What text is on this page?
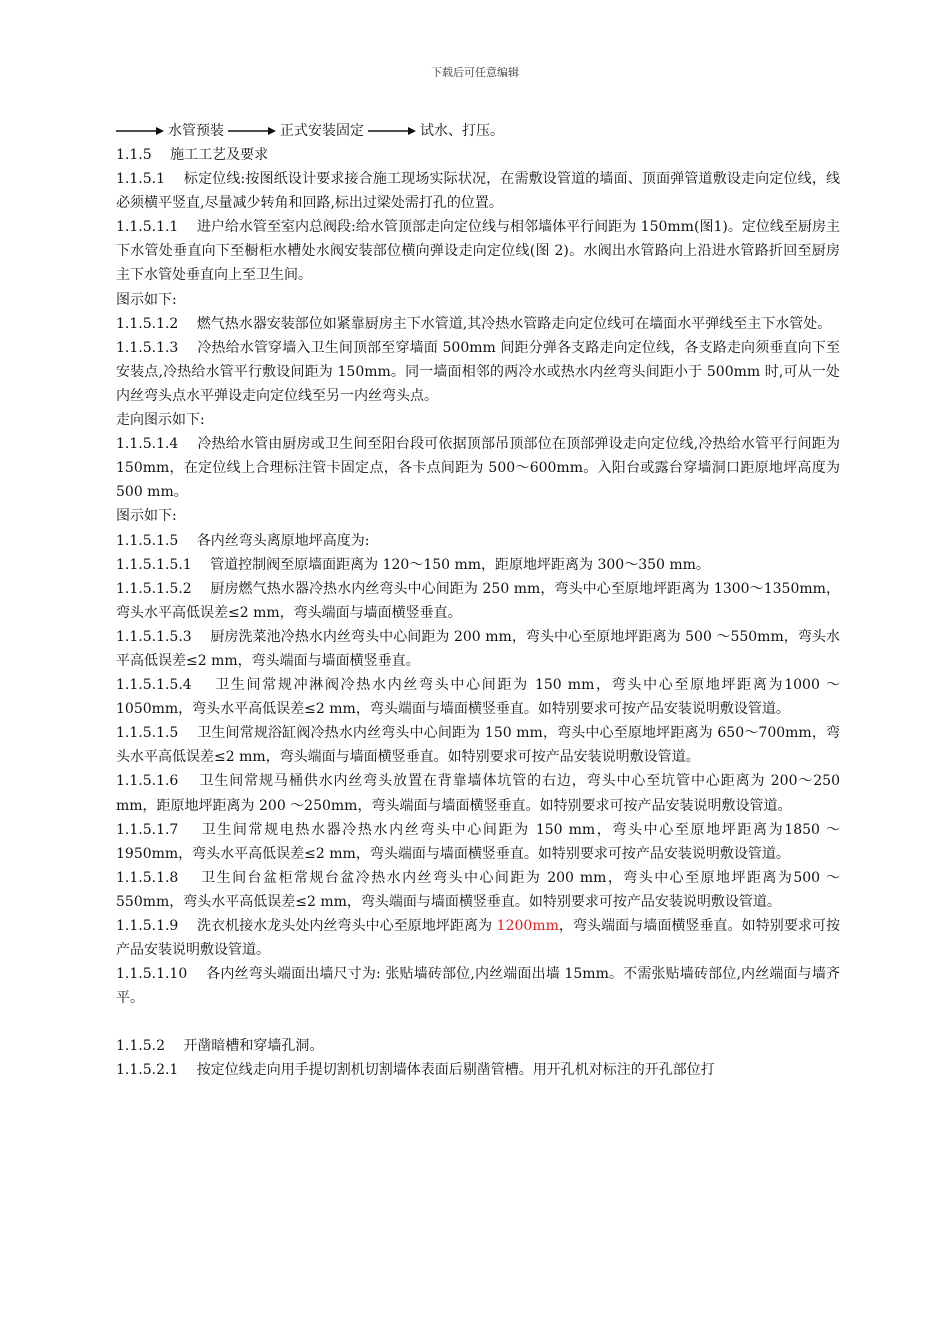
下载后可任意编辑
水管预装	正式安装固定	试水、打压。

1.1.5　 施工工艺及要求

1.1.5.1　 标定位线:按图纸设计要求接合施工现场实际状况，在需敷设管道的墙面、顶面弹管道敷设走向定位线，线必须横平竖直,尽量减少转角和回路,标出过梁处需打孔的位置。

1.1.5.1.1　 进户给水管至室内总阀段:给水管顶部走向定位线与相邻墙体平行间距为 150mm(图1)。定位线至厨房主下水管处垂直向下至橱柜水槽处水阀安装部位横向弹设走向定位线(图 2)。水阀出水管路向上沿进水管路折回至厨房主下水管处垂直向上至卫生间。

图示如下:

1.1.5.1.2　 燃气热水器安装部位如紧靠厨房主下水管道,其冷热水管路走向定位线可在墙面水平弹线至主下水管处。

1.1.5.1.3　 冷热给水管穿墙入卫生间顶部至穿墙面 500mm 间距分弹各支路走向定位线，各支路走向须垂直向下至安装点,冷热给水管平行敷设间距为 150mm。同一墙面相邻的两冷水或热水内丝弯头间距小于 500mm 时,可从一处内丝弯头点水平弹设走向定位线至另一内丝弯头点。

走向图示如下:

1.1.5.1.4　 冷热给水管由厨房或卫生间至阳台段可依据顶部吊顶部位在顶部弹设走向定位线,冷热给水管平行间距为 150mm，在定位线上合理标注管卡固定点，各卡点间距为 500～600mm。入阳台或露台穿墙洞口距原地坪高度为 500 mm。

图示如下:

1.1.5.1.5　 各内丝弯头离原地坪高度为:

1.1.5.1.5.1　 管道控制阀至原墙面距离为 120～150 mm，距原地坪距离为 300～350 mm。

1.1.5.1.5.2　 厨房燃气热水器冷热水内丝弯头中心间距为 250 mm，弯头中心至原地坪距离为 1300～1350mm，弯头水平高低误差≤2 mm，弯头端面与墙面横竖垂直。

1.1.5.1.5.3　 厨房洗菜池冷热水内丝弯头中心间距为 200 mm，弯头中心至原地坪距离为 500 ～550mm，弯头水平高低误差≤2 mm，弯头端面与墙面横竖垂直。

1.1.5.1.5.4　 卫生间常规冲淋阀冷热水内丝弯头中心间距为 150 mm，弯头中心至原地坪距离为1000 ～1050mm，弯头水平高低误差≤2 mm，弯头端面与墙面横竖垂直。如特别要求可按产品安装说明敷设管道。

1.1.5.1.5　 卫生间常规浴缸阀冷热水内丝弯头中心间距为 150 mm，弯头中心至原地坪距离为 650～700mm，弯头水平高低误差≤2 mm，弯头端面与墙面横竖垂直。如特别要求可按产品安装说明敷设管道。

1.1.5.1.6　 卫生间常规马桶供水内丝弯头放置在背靠墙体坑管的右边，弯头中心至坑管中心距离为 200～250 mm，距原地坪距离为 200 ～250mm，弯头端面与墙面横竖垂直。如特别要求可按产品安装说明敷设管道。

1.1.5.1.7　 卫生间常规电热水器冷热水内丝弯头中心间距为 150 mm，弯头中心至原地坪距离为1850 ～1950mm，弯头水平高低误差≤2 mm，弯头端面与墙面横竖垂直。如特别要求可按产品安装说明敷设管道。

1.1.5.1.8　 卫生间台盆柜常规台盆冷热水内丝弯头中心间距为 200 mm，弯头中心至原地坪距离为500 ～550mm，弯头水平高低误差≤2 mm，弯头端面与墙面横竖垂直。如特别要求可按产品安装说明敷设管道。

1.1.5.1.9　 洗衣机接水龙头处内丝弯头中心至原地坪距离为 1200mm，弯头端面与墙面横竖垂直。如特别要求可按产品安装说明敷设管道。

1.1.5.1.10　 各内丝弯头端面出墙尺寸为: 张贴墙砖部位,内丝端面出墙 15mm。不需张贴墙砖部位,内丝端面与墙齐平。

1.1.5.2　 开凿暗槽和穿墙孔洞。

1.1.5.2.1　 按定位线走向用手提切割机切割墙体表面后剔凿管槽。用开孔机对标注的开孔部位打
